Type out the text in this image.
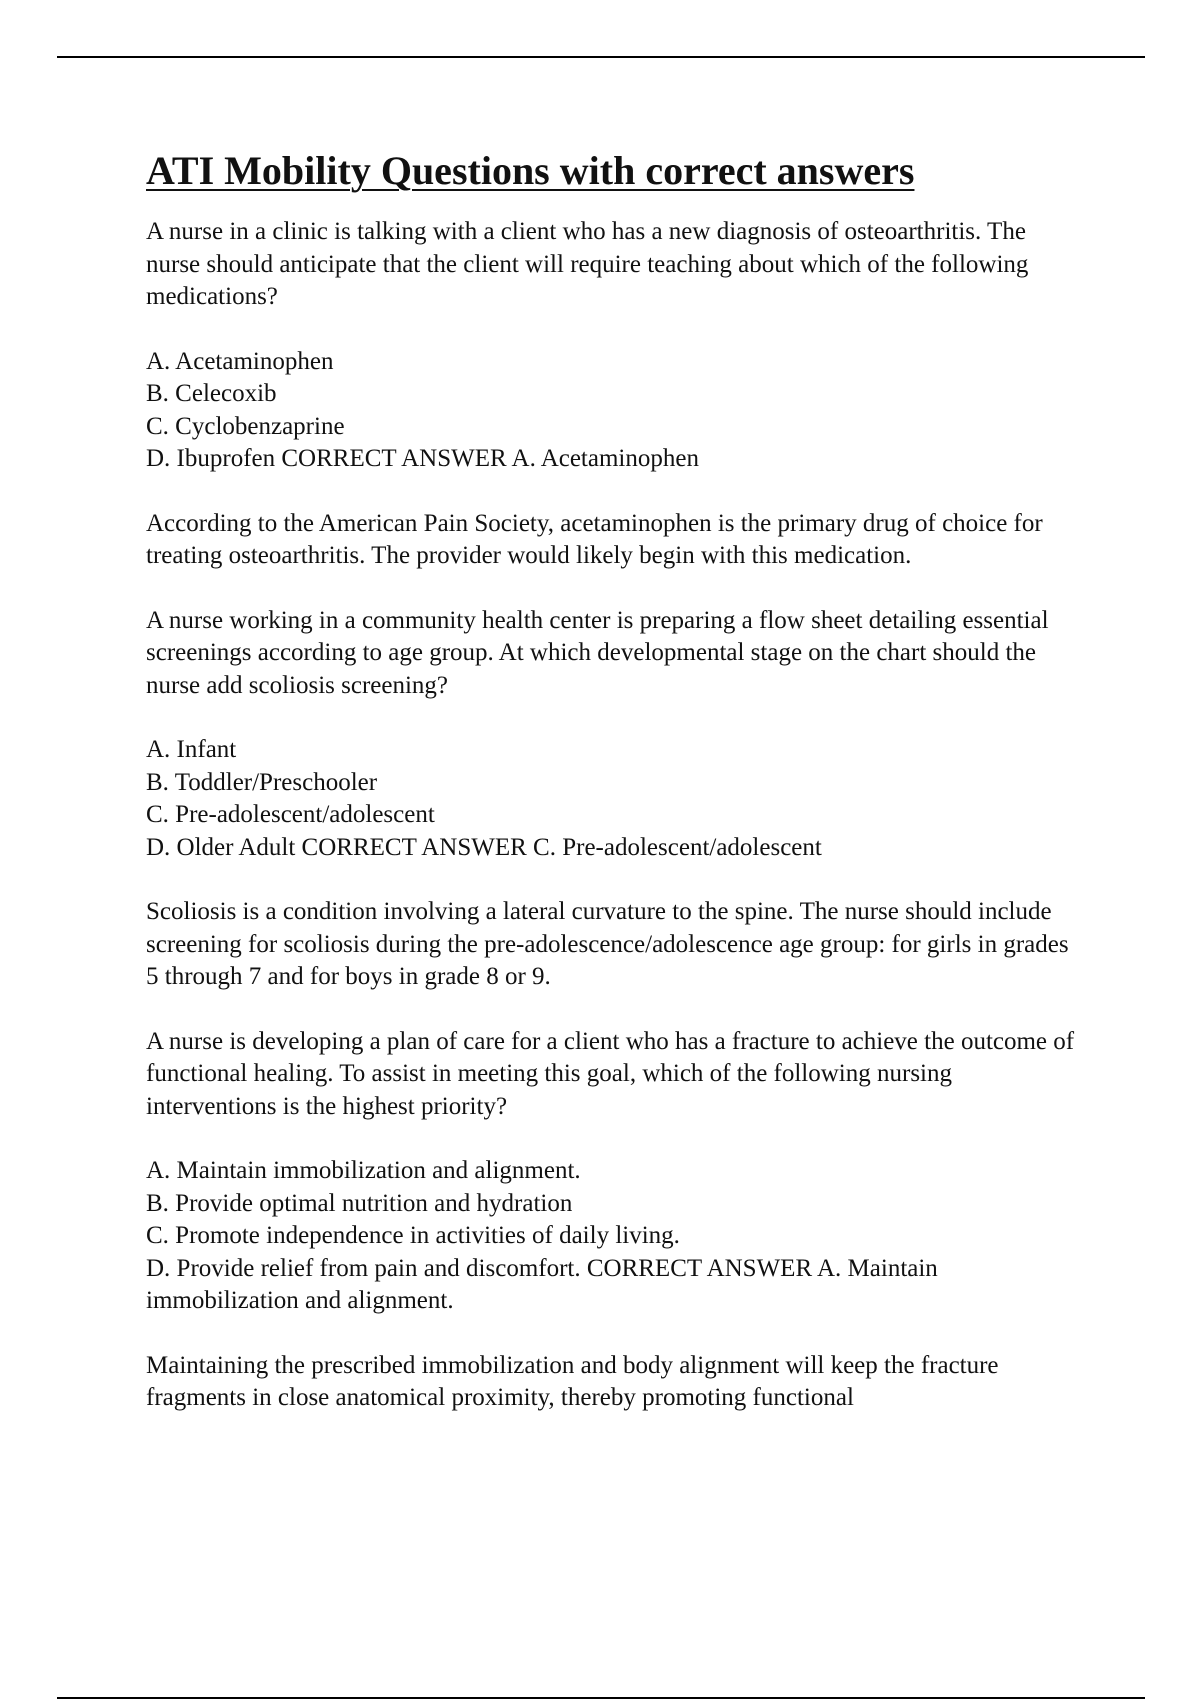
ATI Mobility Questions with correct answers

A nurse in a clinic is talking with a client who has a new diagnosis of osteoarthritis. The nurse should anticipate that the client will require teaching about which of the following medications?

A. Acetaminophen
B. Celecoxib
C. Cyclobenzaprine
D. Ibuprofen CORRECT ANSWER A. Acetaminophen

According to the American Pain Society, acetaminophen is the primary drug of choice for treating osteoarthritis. The provider would likely begin with this medication.

A nurse working in a community health center is preparing a flow sheet detailing essential screenings according to age group. At which developmental stage on the chart should the nurse add scoliosis screening?

A. Infant
B. Toddler/Preschooler
C. Pre-adolescent/adolescent
D. Older Adult CORRECT ANSWER C. Pre-adolescent/adolescent

Scoliosis is a condition involving a lateral curvature to the spine. The nurse should include screening for scoliosis during the pre-adolescence/adolescence age group: for girls in grades 5 through 7 and for boys in grade 8 or 9.

A nurse is developing a plan of care for a client who has a fracture to achieve the outcome of functional healing. To assist in meeting this goal, which of the following nursing interventions is the highest priority?

A. Maintain immobilization and alignment.
B. Provide optimal nutrition and hydration
C. Promote independence in activities of daily living.
D. Provide relief from pain and discomfort. CORRECT ANSWER A. Maintain immobilization and alignment.

Maintaining the prescribed immobilization and body alignment will keep the fracture fragments in close anatomical proximity, thereby promoting functional
